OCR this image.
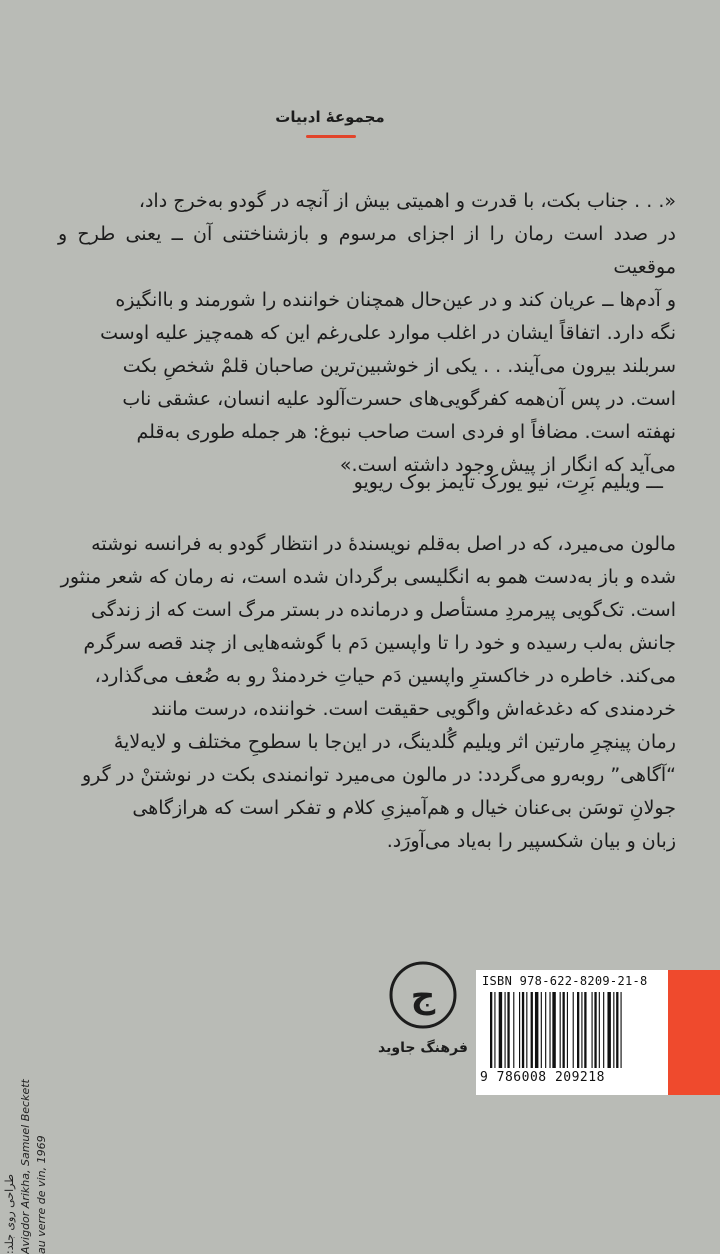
مجموعهٔ ادبیات

«. . . جناب بکت، با قدرت و اهمیتی بیش از آنچه در گودو به‌خرج داد،

در صدد است رمان را از اجزای مرسوم و بازشناختنی آن ــ یعنی طرح و موقعیت

و آدم‌ها ــ عریان کند و در عین‌حال همچنان خواننده را شورمند و باانگیزه

نگه دارد. اتفاقاً ایشان در اغلب موارد علی‌رغم این که همه‌چیز علیه اوست

سربلند بیرون می‌آیند. . . یکی از خوشبین‌ترین صاحبان قلمْ شخصِ بکت

است. در پس آن‌همه کفرگویی‌های حسرت‌آلود علیه انسان، عشقی ناب

نهفته است. مضافاً او فردی است صاحب نبوغ: هر جمله طوری به‌قلم

می‌آید که انگار از پیش وجود داشته است.»

ـــ ویلیم بَرِت، نیو یورک تایمز بوک ریویو

مالون می‌میرد، که در اصل به‌قلم نویسندهٔ در انتظار گودو به فرانسه نوشته

شده و باز به‌دست همو به انگلیسی برگردان شده است، نه رمان که شعر منثور

است. تک‌گویی پیرمردِ مستأصل و درمانده در بستر مرگ است که از زندگی

جانش به‌لب رسیده و خود را تا واپسین دَم با گوشه‌هایی از چند قصه سرگرم

می‌کند. خاطره در خاکسترِ واپسین دَم حیاتِ خردمندْ رو به ضُعف می‌گذارد،

خردمندی که دغدغه‌اش واگویی حقیقت است. خواننده، درست مانند

رمان پینچرِ مارتین اثر ویلیم گُلدینگ، در این‌جا با سطوحِ مختلف و لایه‌لایهٔ

“آگاهی” روبه‌رو می‌گردد: در مالون می‌میرد توانمندی بکت در نوشتنْ در گرو

جولانِ توسَن بی‌عنان خیال و هم‌آمیزیِ کلام و تفکر است که هرازگاهی

زبان و بیان شکسپیر را به‌یاد می‌آورَد.

طراحی روی جلد: Avigdor Arikha, Samuel Beckett au verre de vin, 1969
ج
فرهنگ جاوید
ISBN 978-622-8209-21-8
9 786008 209218
